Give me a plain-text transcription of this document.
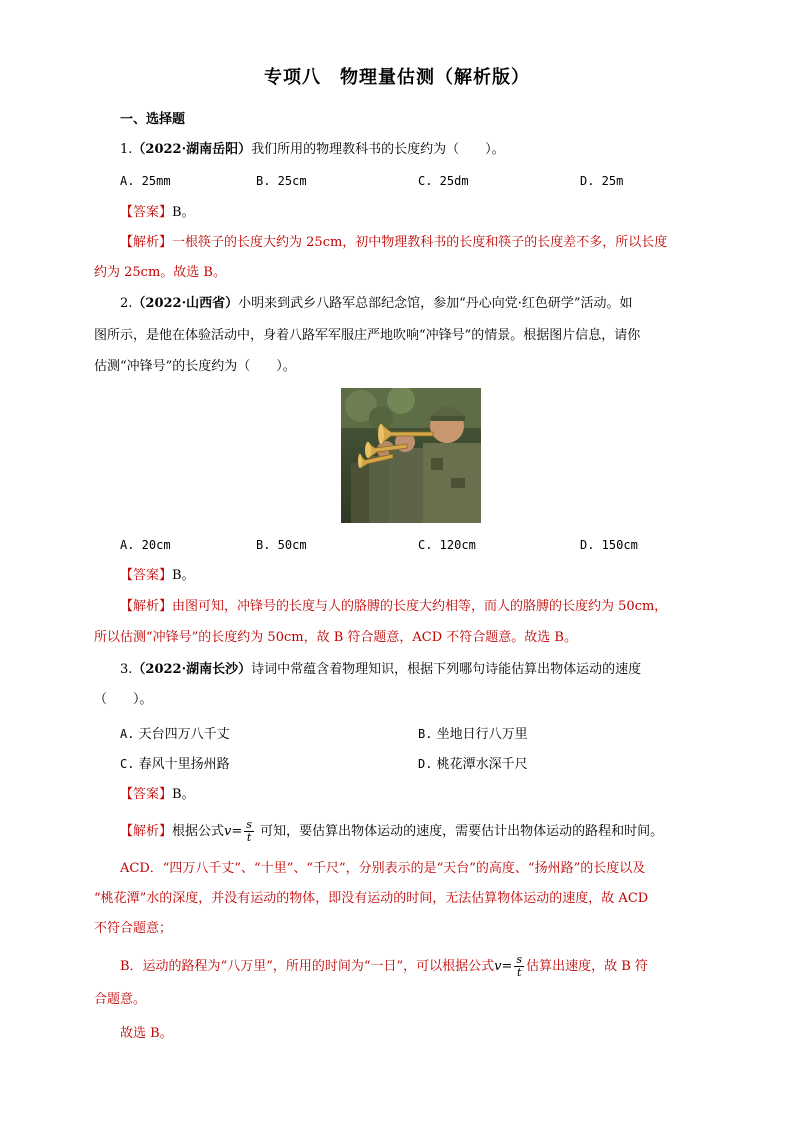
专项八　物理量估测（解析版）
一、选择题
1.（2022·湖南岳阳）我们所用的物理教科书的长度约为（　　）。
A. 25mm	B. 25cm	C. 25dm	D. 25m
【答案】B。
【解析】一根筷子的长度大约为 25cm，初中物理教科书的长度和筷子的长度差不多，所以长度
约为 25cm。故选 B。
2.（2022·山西省）小明来到武乡八路军总部纪念馆，参加“丹心向党·红色研学”活动。如
图所示，是他在体验活动中，身着八路军军服庄严地吹响“冲锋号”的情景。根据图片信息，请你
估测“冲锋号”的长度约为（　　）。
A. 20cm	B. 50cm	C. 120cm	D. 150cm
【答案】B。
【解析】由图可知，冲锋号的长度与人的胳膊的长度大约相等，而人的胳膊的长度约为 50cm，
所以估测“冲锋号”的长度约为 50cm，故 B 符合题意，ACD 不符合题意。故选 B。
3.（2022·湖南长沙）诗词中常蕴含着物理知识，根据下列哪句诗能估算出物体运动的速度
（　　）。
A. 天台四万八千丈	B. 坐地日行八万里
C. 春风十里扬州路	D. 桃花潭水深千尺
【答案】B。
【解析】根据公式$v= \frac{s}{t}$ 可知，要估算出物体运动的速度，需要估计出物体运动的路程和时间。
ACD．“四万八千丈”、“十里”、“千尺”，分别表示的是“天台”的高度、“扬州路”的长度以及
“桃花潭”水的深度，并没有运动的物体，即没有运动的时间，无法估算物体运动的速度，故 ACD
不符合题意；
B．运动的路程为“八万里”，所用的时间为“一日”，可以根据公式$v= \frac{s}{t}$ 估算出速度，故 B 符
合题意。
故选 B。
